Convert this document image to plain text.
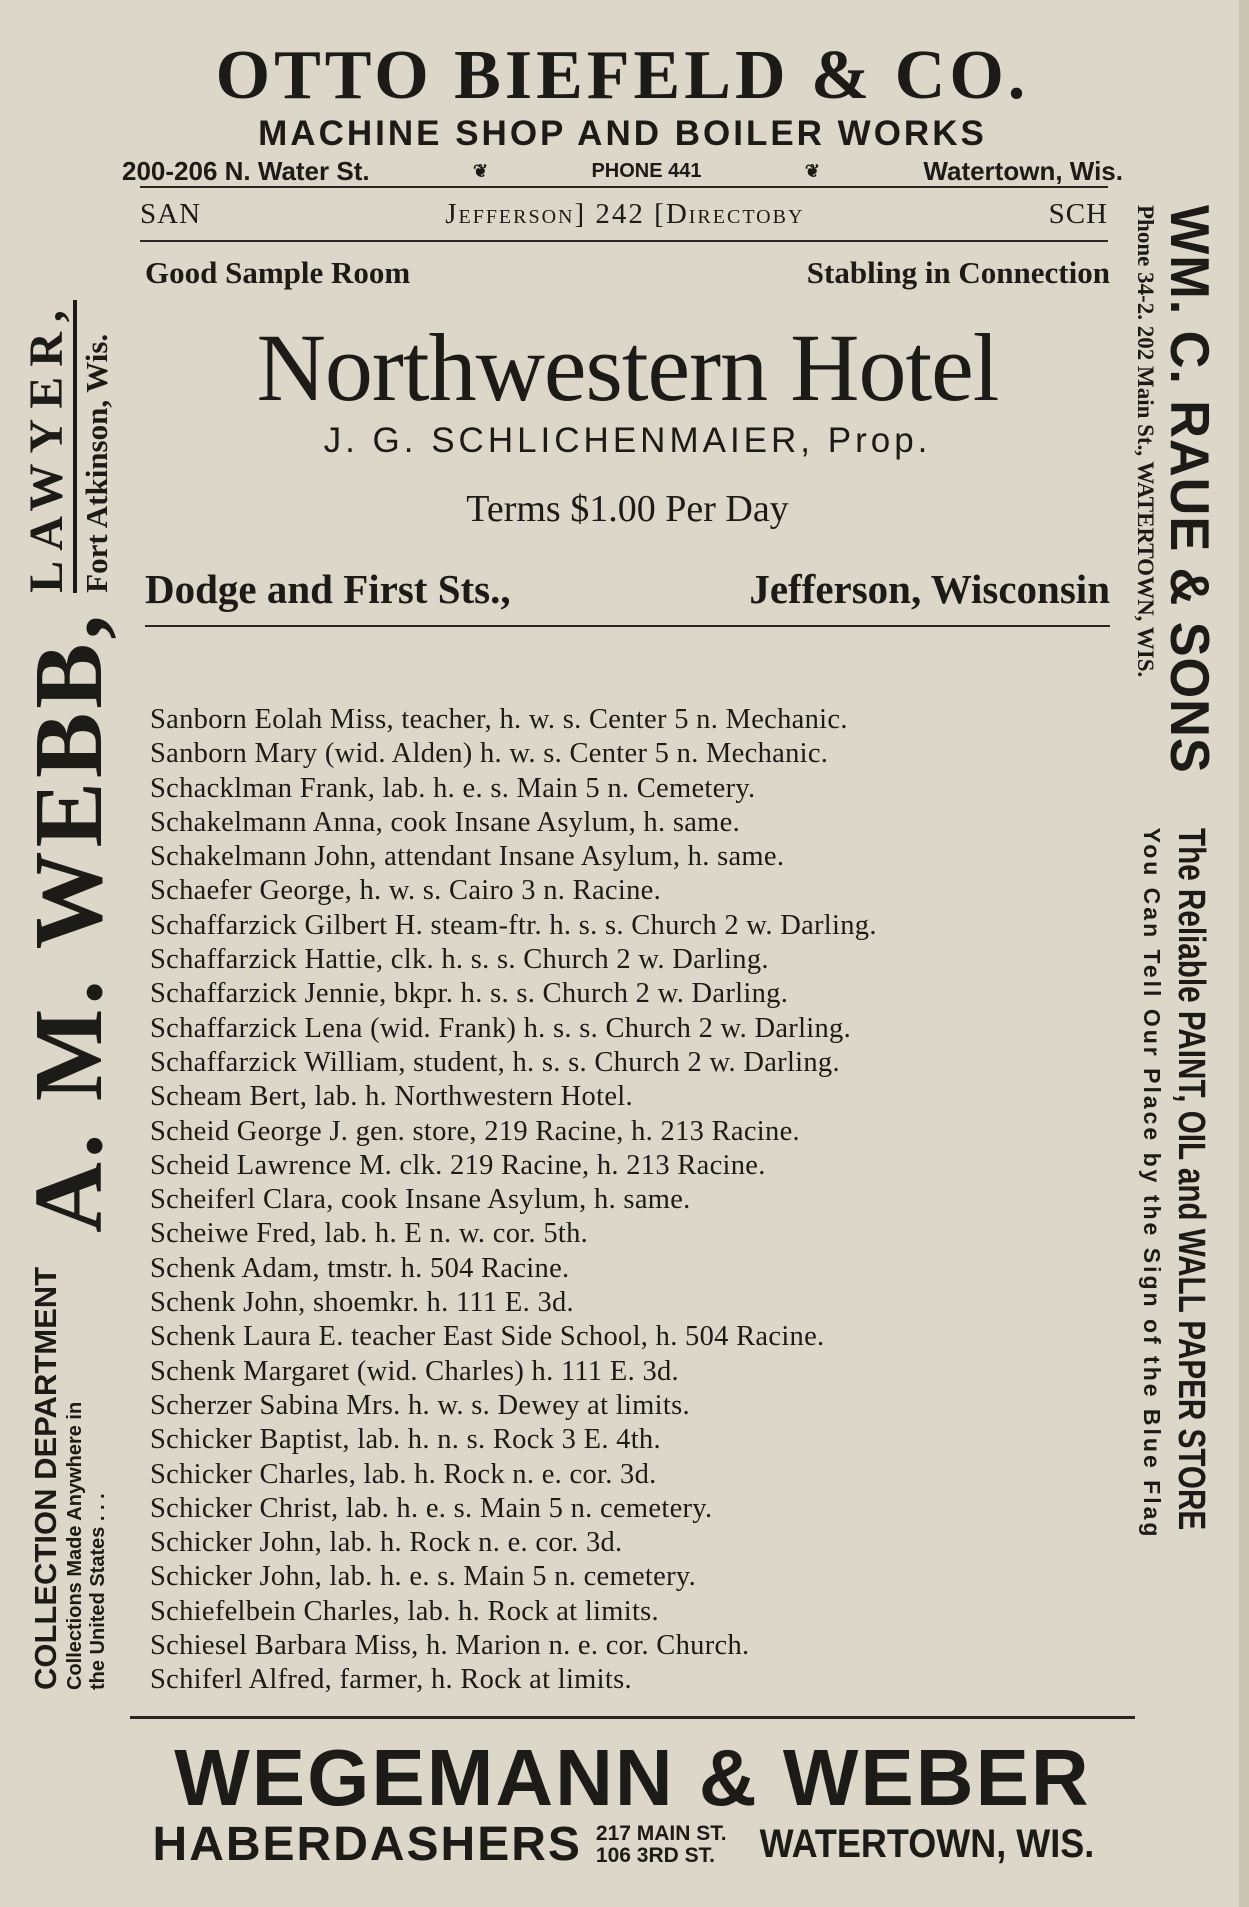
OTTO BIEFELD & CO.
MACHINE SHOP AND BOILER WORKS
200-206 N. Water St.	❦	PHONE 441	❦	Watertown, Wis.
SAN	Jefferson] 242 [Directoby	SCH
Good Sample Room	Stabling in Connection
Northwestern Hotel
J. G. SCHLICHENMAIER, Prop.
Terms $1.00 Per Day
Dodge and First Sts.,	Jefferson, Wisconsin
Sanborn Eolah Miss, teacher, h. w. s. Center 5 n. Mechanic.
Sanborn Mary (wid. Alden) h. w. s. Center 5 n. Mechanic.
Schacklman Frank, lab. h. e. s. Main 5 n. Cemetery.
Schakelmann Anna, cook Insane Asylum, h. same.
Schakelmann John, attendant Insane Asylum, h. same.
Schaefer George, h. w. s. Cairo 3 n. Racine.
Schaffarzick Gilbert H. steam-ftr. h. s. s. Church 2 w. Darling.
Schaffarzick Hattie, clk. h. s. s. Church 2 w. Darling.
Schaffarzick Jennie, bkpr. h. s. s. Church 2 w. Darling.
Schaffarzick Lena (wid. Frank) h. s. s. Church 2 w. Darling.
Schaffarzick William, student, h. s. s. Church 2 w. Darling.
Scheam Bert, lab. h. Northwestern Hotel.
Scheid George J. gen. store, 219 Racine, h. 213 Racine.
Scheid Lawrence M. clk. 219 Racine, h. 213 Racine.
Scheiferl Clara, cook Insane Asylum, h. same.
Scheiwe Fred, lab. h. E n. w. cor. 5th.
Schenk Adam, tmstr. h. 504 Racine.
Schenk John, shoemkr. h. 111 E. 3d.
Schenk Laura E. teacher East Side School, h. 504 Racine.
Schenk Margaret (wid. Charles) h. 111 E. 3d.
Scherzer Sabina Mrs. h. w. s. Dewey at limits.
Schicker Baptist, lab. h. n. s. Rock 3 E. 4th.
Schicker Charles, lab. h. Rock n. e. cor. 3d.
Schicker Christ, lab. h. e. s. Main 5 n. cemetery.
Schicker John, lab. h. Rock n. e. cor. 3d.
Schicker John, lab. h. e. s. Main 5 n. cemetery.
Schiefelbein Charles, lab. h. Rock at limits.
Schiesel Barbara Miss, h. Marion n. e. cor. Church.
Schiferl Alfred, farmer, h. Rock at limits.
WEGEMANN & WEBER
HABERDASHERS 217 MAIN ST.
106 3RD ST. WATERTOWN, WIS.
COLLECTION DEPARTMENT Collections Made Anywhere in the United States . . .
A. M. WEBB,
LAWYER, Fort Atkinson, Wis.	WM. C. RAUE & SONS
Phone 34-2. 202 Main St., WATERTOWN, WIS.
The Reliable PAINT, OIL and WALL PAPER STORE
You Can Tell Our Place by the Sign of the Blue Flag
